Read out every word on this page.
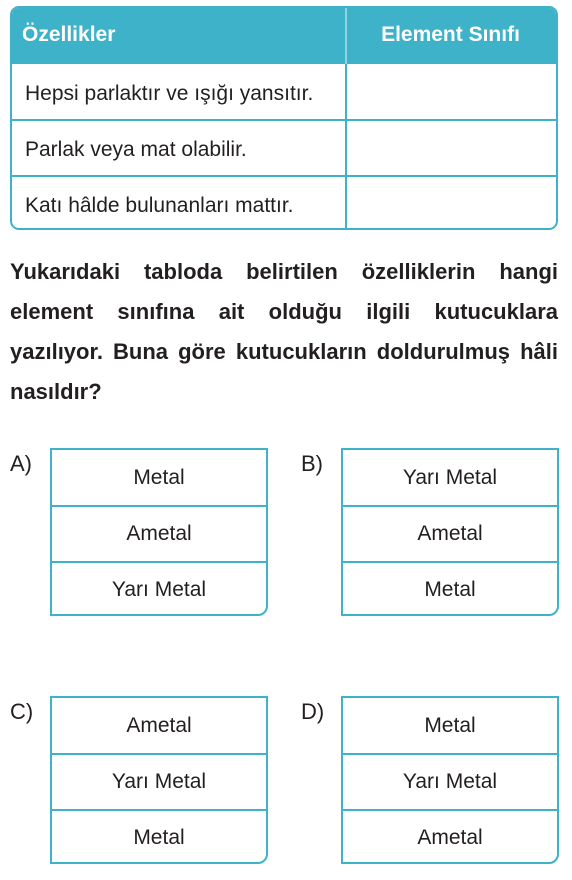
Özellikler	Element Sınıfı
Hepsi parlaktır ve ışığı yansıtır.
Parlak veya mat olabilir.
Katı hâlde bulunanları mattır.

Yukarıdaki tabloda belirtilen özelliklerin hangi element sınıfına ait olduğu ilgili kutucuklara yazılıyor. Buna göre kutucukların doldurulmuş hâli nasıldır?

A)
Metal
Ametal
Yarı Metal
B)
Yarı Metal
Ametal
Metal
C)
Ametal
Yarı Metal
Metal
D)
Metal
Yarı Metal
Ametal
